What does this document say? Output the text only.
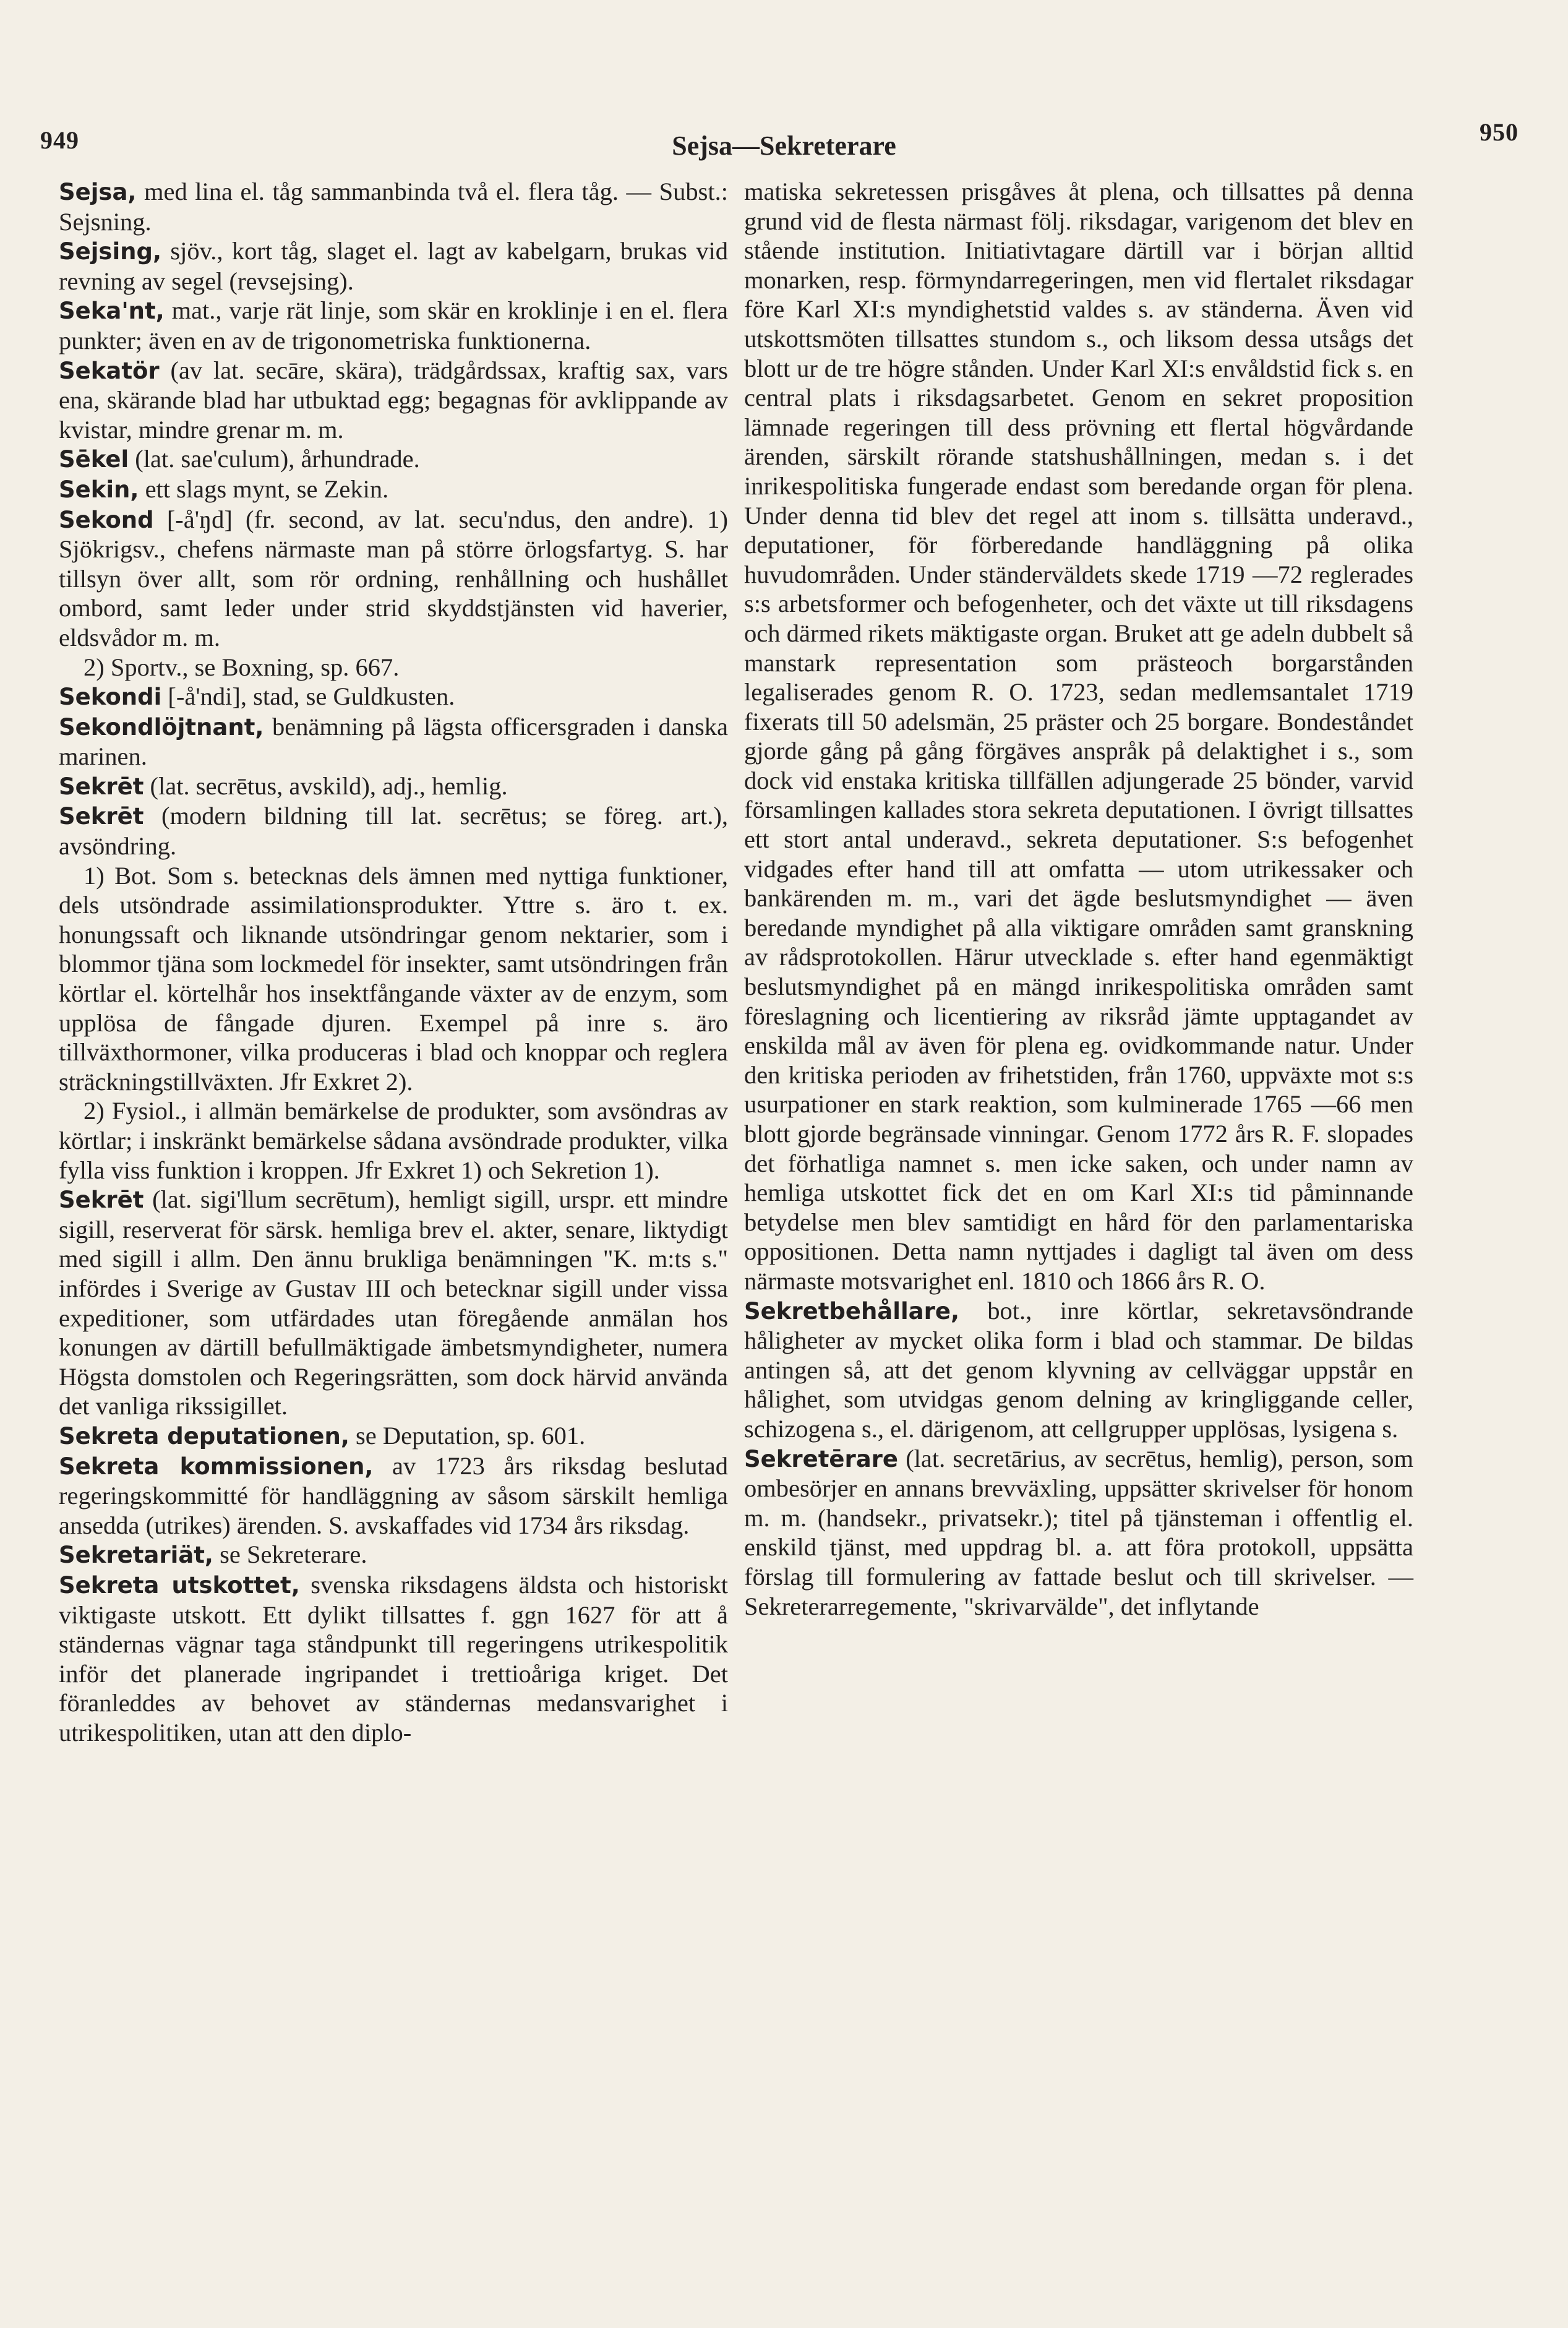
949	Sejsa—Sekreterare	950

Sejsa, med lina el. tåg sammanbinda två el. flera tåg. — Subst.: Sejsning.

Sejsing, sjöv., kort tåg, slaget el. lagt av kabelgarn, brukas vid revning av segel (revsejsing).

Seka'nt, mat., varje rät linje, som skär en kroklinje i en el. flera punkter; även en av de trigonometriska funktionerna.

Sekatör (av lat. secāre, skära), trädgårdssax, kraftig sax, vars ena, skärande blad har utbuktad egg; begagnas för avklippande av kvistar, mindre grenar m. m.

Sēkel (lat. sae'culum), århundrade.

Sekin, ett slags mynt, se Zekin.

Sekond [-å'ŋd] (fr. second, av lat. secu'ndus, den andre). 1) Sjökrigsv., chefens närmaste man på större örlogsfartyg. S. har tillsyn över allt, som rör ordning, renhållning och hushållet ombord, samt leder under strid skyddstjänsten vid haverier, eldsvådor m. m.

2) Sportv., se Boxning, sp. 667.

Sekondi [-å'ndi], stad, se Guldkusten.

Sekondlöjtnant, benämning på lägsta officersgraden i danska marinen.

Sekrēt (lat. secrētus, avskild), adj., hemlig.

Sekrēt (modern bildning till lat. secrētus; se föreg. art.), avsöndring.

1) Bot. Som s. betecknas dels ämnen med nyttiga funktioner, dels utsöndrade assimilationsprodukter. Yttre s. äro t. ex. honungssaft och liknande utsöndringar genom nektarier, som i blommor tjäna som lockmedel för insekter, samt utsöndringen från körtlar el. körtelhår hos insektfångande växter av de enzym, som upplösa de fångade djuren. Exempel på inre s. äro tillväxthormoner, vilka produceras i blad och knoppar och reglera sträckningstillväxten. Jfr Exkret 2).

2) Fysiol., i allmän bemärkelse de produkter, som avsöndras av körtlar; i inskränkt bemärkelse sådana avsöndrade produkter, vilka fylla viss funktion i kroppen. Jfr Exkret 1) och Sekretion 1).

Sekrēt (lat. sigi'llum secrētum), hemligt sigill, urspr. ett mindre sigill, reserverat för särsk. hemliga brev el. akter, senare, liktydigt med sigill i allm. Den ännu brukliga benämningen "K. m:ts s." infördes i Sverige av Gustav III och betecknar sigill under vissa expeditioner, som utfärdades utan föregående anmälan hos konungen av därtill befullmäktigade ämbetsmyndigheter, numera Högsta domstolen och Regeringsrätten, som dock härvid använda det vanliga rikssigillet.

Sekreta deputationen, se Deputation, sp. 601.

Sekreta kommissionen, av 1723 års riksdag beslutad regeringskommitté för handläggning av såsom särskilt hemliga ansedda (utrikes) ärenden. S. avskaffades vid 1734 års riksdag.

Sekretariät, se Sekreterare.

Sekreta utskottet, svenska riksdagens äldsta och historiskt viktigaste utskott. Ett dylikt tillsattes f. ggn 1627 för att å ständernas vägnar taga ståndpunkt till regeringens utrikespolitik inför det planerade ingripandet i trettioåriga kriget. Det föranleddes av behovet av ständernas medansvarighet i utrikespolitiken, utan att den diplo-

matiska sekretessen prisgåves åt plena, och tillsattes på denna grund vid de flesta närmast följ. riksdagar, varigenom det blev en stående institution. Initiativtagare därtill var i början alltid monarken, resp. förmyndarregeringen, men vid flertalet riksdagar före Karl XI:s myndighetstid valdes s. av ständerna. Även vid utskottsmöten tillsattes stundom s., och liksom dessa utsågs det blott ur de tre högre stånden. Under Karl XI:s envåldstid fick s. en central plats i riksdagsarbetet. Genom en sekret proposition lämnade regeringen till dess prövning ett flertal högvårdande ärenden, särskilt rörande statshushållningen, medan s. i det inrikespolitiska fungerade endast som beredande organ för plena. Under denna tid blev det regel att inom s. tillsätta underavd., deputationer, för förberedande handläggning på olika huvudområden. Under ständerväldets skede 1719 —72 reglerades s:s arbetsformer och befogenheter, och det växte ut till riksdagens och därmed rikets mäktigaste organ. Bruket att ge adeln dubbelt så manstark representation som prästeoch borgarstånden legaliserades genom R. O. 1723, sedan medlemsantalet 1719 fixerats till 50 adelsmän, 25 präster och 25 borgare. Bondeståndet gjorde gång på gång förgäves anspråk på delaktighet i s., som dock vid enstaka kritiska tillfällen adjungerade 25 bönder, varvid församlingen kallades stora sekreta deputationen. I övrigt tillsattes ett stort antal underavd., sekreta deputationer. S:s befogenhet vidgades efter hand till att omfatta — utom utrikessaker och bankärenden m. m., vari det ägde beslutsmyndighet — även beredande myndighet på alla viktigare områden samt granskning av rådsprotokollen. Härur utvecklade s. efter hand egenmäktigt beslutsmyndighet på en mängd inrikespolitiska områden samt föreslagning och licentiering av riksråd jämte upptagandet av enskilda mål av även för plena eg. ovidkommande natur. Under den kritiska perioden av frihetstiden, från 1760, uppväxte mot s:s usurpationer en stark reaktion, som kulminerade 1765 —66 men blott gjorde begränsade vinningar. Genom 1772 års R. F. slopades det förhatliga namnet s. men icke saken, och under namn av hemliga utskottet fick det en om Karl XI:s tid påminnande betydelse men blev samtidigt en hård för den parlamentariska oppositionen. Detta namn nyttjades i dagligt tal även om dess närmaste motsvarighet enl. 1810 och 1866 års R. O.

Sekretbehållare, bot., inre körtlar, sekretavsöndrande håligheter av mycket olika form i blad och stammar. De bildas antingen så, att det genom klyvning av cellväggar uppstår en hålighet, som utvidgas genom delning av kringliggande celler, schizogena s., el. därigenom, att cellgrupper upplösas, lysigena s.

Sekretērare (lat. secretārius, av secrētus, hemlig), person, som ombesörjer en annans brevväxling, uppsätter skrivelser för honom m. m. (handsekr., privatsekr.); titel på tjänsteman i offentlig el. enskild tjänst, med uppdrag bl. a. att föra protokoll, uppsätta förslag till formulering av fattade beslut och till skrivelser. — Sekreterarregemente, "skrivarvälde", det inflytande
